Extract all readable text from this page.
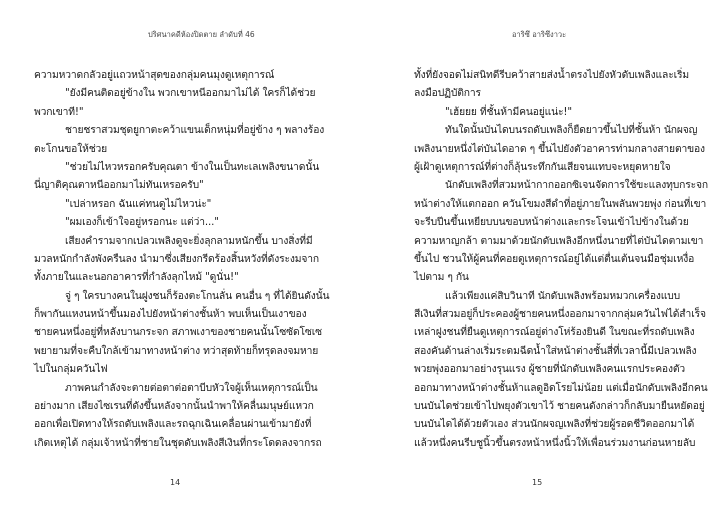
ปริศนาคดีห้องปิดตาย ลำดับที่ 46
ความหวาดกลัวอยู่แถวหน้าสุดของกลุ่มคนมุงดูเหตุการณ์
"ยังมีคนติดอยู่ข้างใน พวกเขาหนีออกมาไม่ได้ ใครก็ได้ช่วย
พวกเขาที!"
ชายชราสวมชุดยูกาตะคว้าแขนเด็กหนุ่มที่อยู่ข้าง ๆ พลางร้อง
ตะโกนขอให้ช่วย
"ช่วยไม่ไหวหรอกครับคุณตา ข้างในเป็นทะเลเพลิงขนาดนั้น
นี่ญาติคุณตาหนีออกมาไม่ทันเหรอครับ"
"เปล่าหรอก ฉันแค่ทนดูไม่ไหวน่ะ"
"ผมเองก็เข้าใจอยู่หรอกนะ แต่ว่า..."
เสียงคำรามจากเปลวเพลิงดูจะยิ่งลุกลามหนักขึ้น บางสิ่งที่มี
มวลหนักกำลังพังครืนลง นำมาซึ่งเสียงกรีดร้องสิ้นหวังที่ดังระงมจาก
ทั้งภายในและนอกอาคารที่กำลังลุกไหม้ "ดูนั่น!"
จู่ ๆ ใครบางคนในฝูงชนก็ร้องตะโกนลั่น คนอื่น ๆ ที่ได้ยินดังนั้น
ก็พากันแหงนหน้าขึ้นมองไปยังหน้าต่างชั้นห้า พบเห็นเป็นเงาของ
ชายคนหนึ่งอยู่ที่หลังบานกระจก สภาพเงาของชายคนนั้นโซซัดโซเซ
พยายามที่จะคืบใกล้เข้ามาทางหน้าต่าง ทว่าสุดท้ายก็ทรุดลงจมหาย
ไปในกลุ่มควันไฟ
ภาพคนกำลังจะตายต่อตาต่อตาบีบหัวใจผู้เห็นเหตุการณ์เป็น
อย่างมาก เสียงไซเรนที่ดังขึ้นหลังจากนั้นนำพาให้คลื่นมนุษย์แหวก
ออกเพื่อเปิดทางให้รถดับเพลิงและรถฉุกเฉินเคลื่อนผ่านเข้ามายังที่
เกิดเหตุได้ กลุ่มเจ้าหน้าที่ชายในชุดดับเพลิงสีเงินที่กระโดดลงจากรถ
14
อาริซึ อาริซึงาวะ
ทั้งที่ยังจอดไม่สนิทดีรีบคว้าสายส่งน้ำตรงไปยังหัวดับเพลิงและเริ่ม
ลงมือปฏิบัติการ
"เฮ้ยยย ที่ชั้นห้ามีคนอยู่แน่ะ!"
ทันใดนั้นบันไดบนรถดับเพลิงก็ยืดยาวขึ้นไปที่ชั้นห้า นักผจญ
เพลิงนายหนึ่งไต่บันไดอาด ๆ ขึ้นไปยังตัวอาคารท่ามกลางสายตาของ
ผู้เฝ้าดูเหตุการณ์ที่ต่างก็ลุ้นระทึกกันเสียจนแทบจะหยุดหายใจ
นักดับเพลิงที่สวมหน้ากากออกซิเจนจัดการใช้ขะแลงทุบกระจก
หน้าต่างให้แตกออก ควันโขมงสีดำที่อยู่ภายในพลันพวยพุ่ง ก่อนที่เขา
จะรีบปีนขึ้นเหยียบบนขอบหน้าต่างและกระโจนเข้าไปข้างในด้วย
ความหาญกล้า ตามมาด้วยนักดับเพลิงอีกหนึ่งนายที่ไต่บันไดตามเขา
ขึ้นไป ชวนให้ผู้คนที่คอยดูเหตุการณ์อยู่ได้แต่ตื่นเต้นจนมือชุ่มเหงื่อ
ไปตาม ๆ กัน
แล้วเพียงแค่สิบวินาที นักดับเพลิงพร้อมหมวกเครื่องแบบ
สีเงินที่สวมอยู่ก็ประคองผู้ชายคนหนึ่งออกมาจากกลุ่มควันไฟได้สำเร็จ
เหล่าฝูงชนที่ยืนดูเหตุการณ์อยู่ต่างโห่ร้องยินดี ในขณะที่รถดับเพลิง
สองคันด้านล่างเริ่มระดมฉีดน้ำใส่หน้าต่างชั้นสี่ที่เวลานี้มีเปลวเพลิง
พวยพุ่งออกมาอย่างรุนแรง ผู้ชายที่นักดับเพลิงคนแรกประคองตัว
ออกมาทางหน้าต่างชั้นห้าแลดูอิดโรยไม่น้อย แต่เมื่อนักดับเพลิงอีกคน
บนบันไดช่วยเข้าไปพยุงตัวเขาไว้ ชายคนดังกล่าวก็กลับมายืนหยัดอยู่
บนบันไดได้ด้วยตัวเอง ส่วนนักผจญเพลิงที่ช่วยผู้รอดชีวิตออกมาได้
แล้วหนึ่งคนรีบชูนิ้วขึ้นตรงหน้าหนึ่งนิ้วให้เพื่อนร่วมงานก่อนหายลับ
15
